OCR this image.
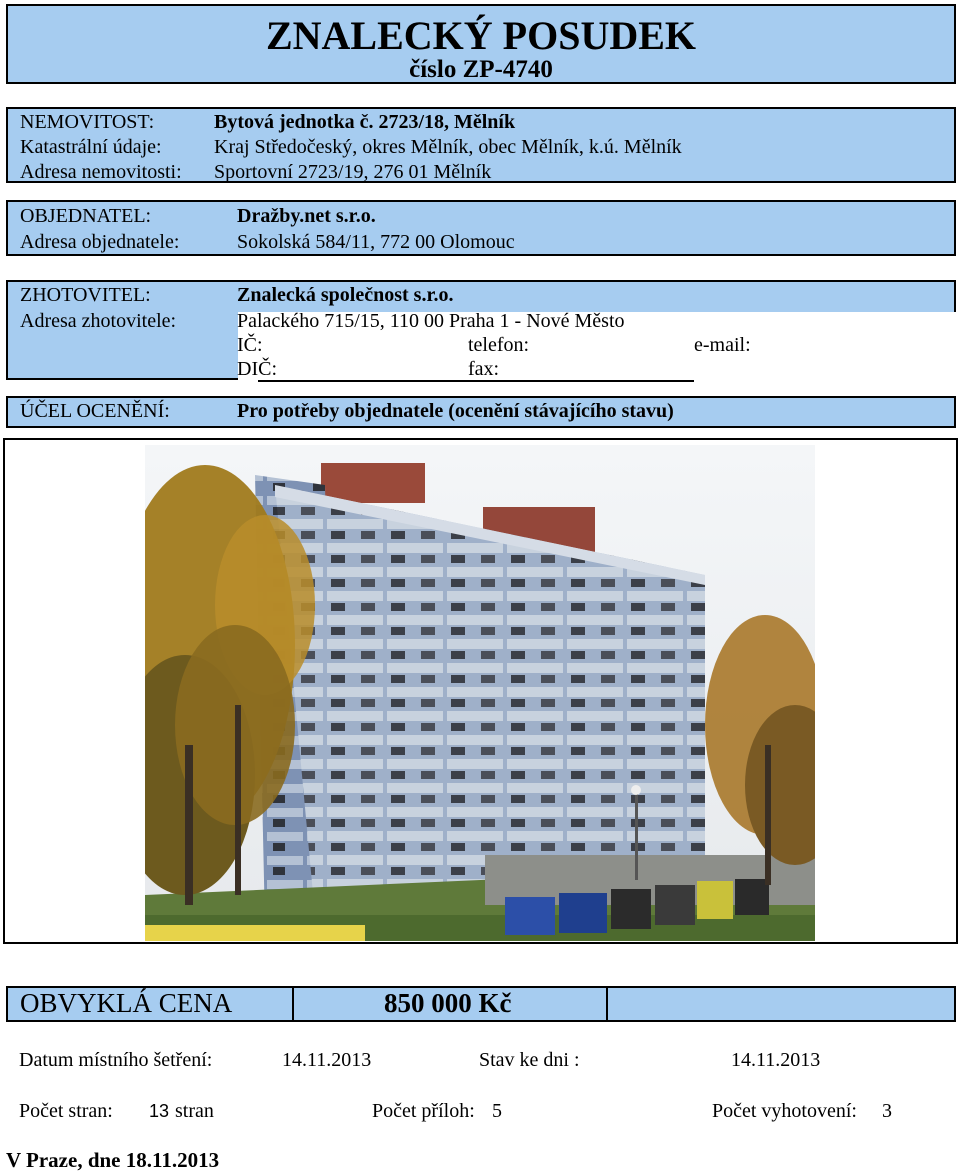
ZNALECKÝ POSUDEK
číslo ZP-4740
NEMOVITOST:	Bytová jednotka č. 2723/18, Mělník
Katastrální údaje:	Kraj Středočeský, okres Mělník, obec Mělník, k.ú. Mělník
Adresa nemovitosti: Sportovní 2723/19, 276 01 Mělník
OBJEDNATEL:	Dražby.net s.r.o.
Adresa objednatele:	Sokolská 584/11, 772 00 Olomouc
ZHOTOVITEL:	Znalecká společnost s.r.o.
Adresa zhotovitele:	Palackého 715/15, 110 00 Praha 1 - Nové Město
IČ:	telefon:	e-mail:
DIČ:	fax:
ÚČEL OCENĚNÍ:	Pro potřeby objednatele (ocenění stávajícího stavu)
OBVYKLÁ CENA	850 000 Kč
Datum místního šetření:	14.11.2013	Stav ke dni :	14.11.2013
Počet stran: 13 stran	Počet příloh: 5	Počet vyhotovení: 3
V Praze, dne 18.11.2013
